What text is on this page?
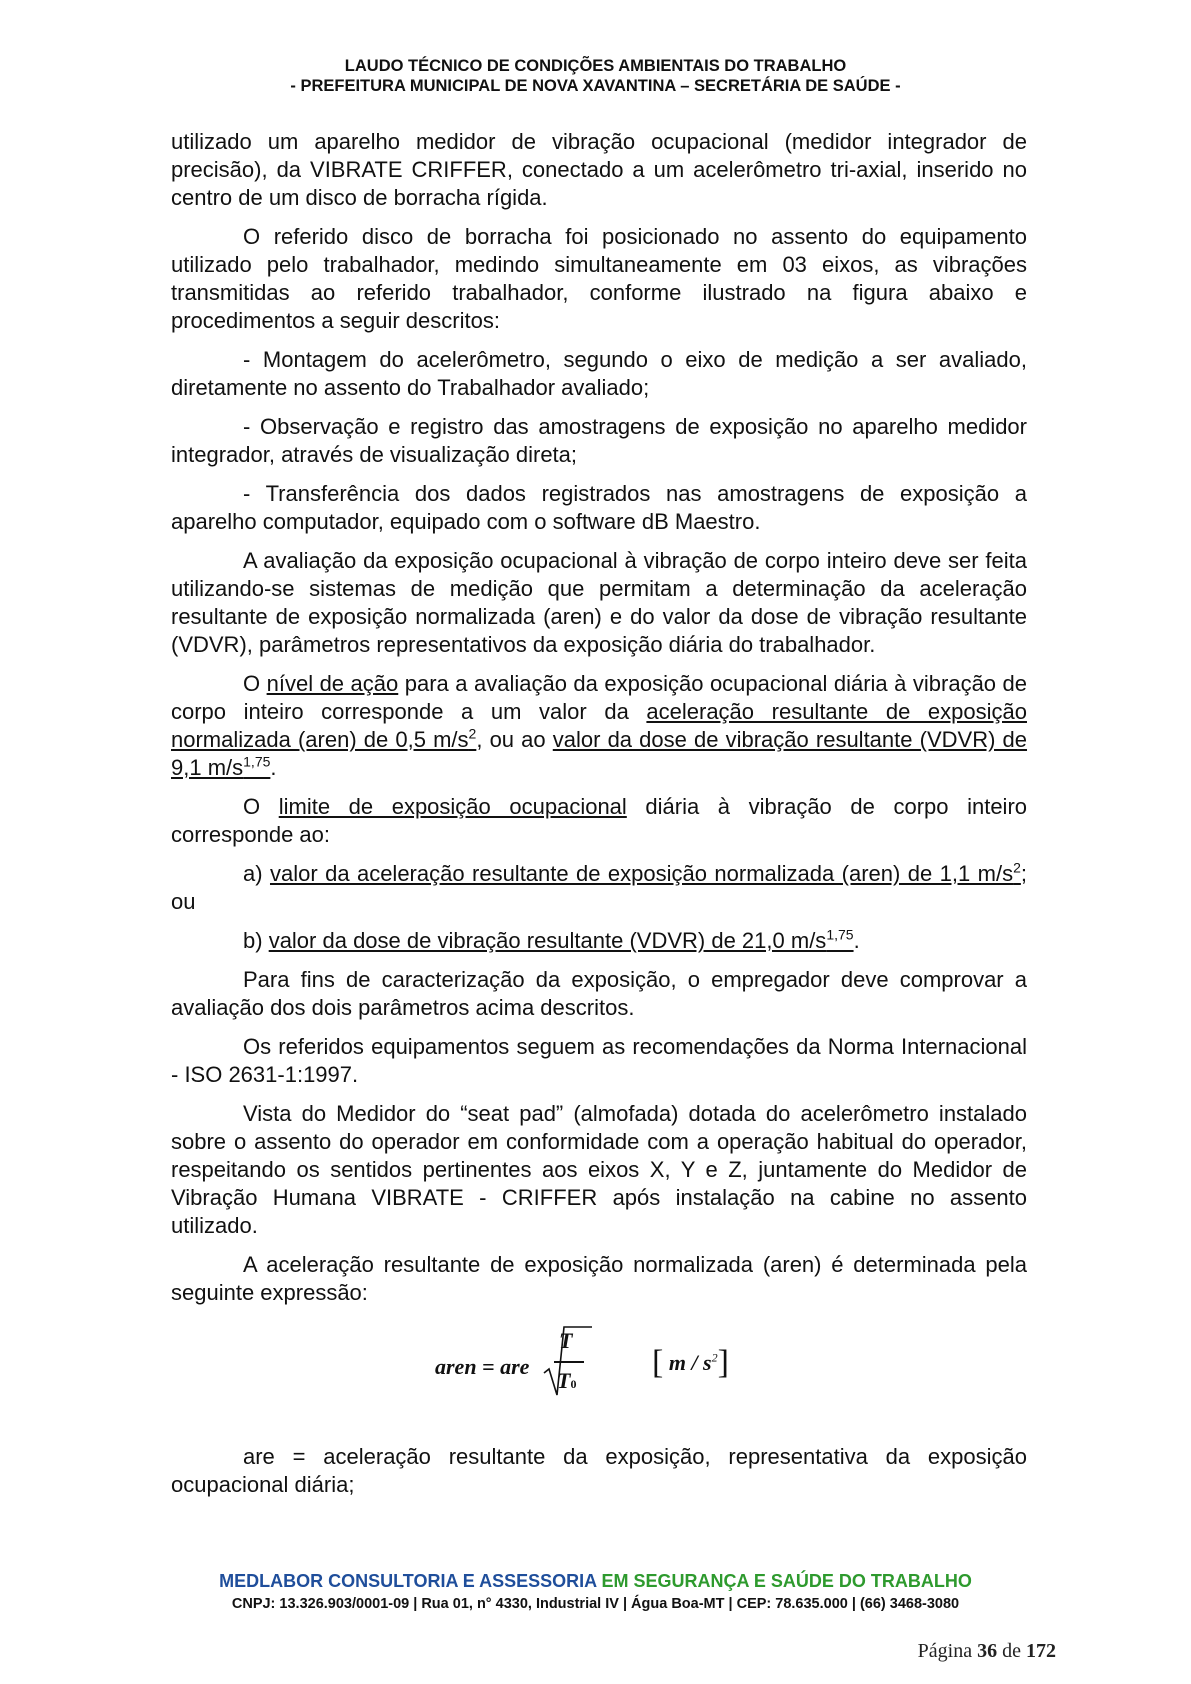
LAUDO TÉCNICO DE CONDIÇÕES AMBIENTAIS DO TRABALHO
- PREFEITURA MUNICIPAL DE NOVA XAVANTINA – SECRETÁRIA DE SAÚDE -

utilizado um aparelho medidor de vibração ocupacional (medidor integrador de precisão), da VIBRATE CRIFFER, conectado a um acelerômetro tri-axial, inserido no centro de um disco de borracha rígida.

O referido disco de borracha foi posicionado no assento do equipamento utilizado pelo trabalhador, medindo simultaneamente em 03 eixos, as vibrações transmitidas ao referido trabalhador, conforme ilustrado na figura abaixo e procedimentos a seguir descritos:

- Montagem do acelerômetro, segundo o eixo de medição a ser avaliado, diretamente no assento do Trabalhador avaliado;

- Observação e registro das amostragens de exposição no aparelho medidor integrador, através de visualização direta;

- Transferência dos dados registrados nas amostragens de exposição a aparelho computador, equipado com o software dB Maestro.

A avaliação da exposição ocupacional à vibração de corpo inteiro deve ser feita utilizando-se sistemas de medição que permitam a determinação da aceleração resultante de exposição normalizada (aren) e do valor da dose de vibração resultante (VDVR), parâmetros representativos da exposição diária do trabalhador.

O nível de ação para a avaliação da exposição ocupacional diária à vibração de corpo inteiro corresponde a um valor da aceleração resultante de exposição normalizada (aren) de 0,5 $m/s^2$, ou ao valor da dose de vibração resultante (VDVR) de 9,1 $m/s^{1,75}$.

O limite de exposição ocupacional diária à vibração de corpo inteiro corresponde ao:

a) valor da aceleração resultante de exposição normalizada (aren) de 1,1 $m/s^2$; ou

b) valor da dose de vibração resultante (VDVR) de 21,0 $m/s^{1,75}$.

Para fins de caracterização da exposição, o empregador deve comprovar a avaliação dos dois parâmetros acima descritos.

Os referidos equipamentos seguem as recomendações da Norma Internacional - ISO 2631-1:1997.

Vista do Medidor do “seat pad” (almofada) dotada do acelerômetro instalado sobre o assento do operador em conformidade com a operação habitual do operador, respeitando os sentidos pertinentes aos eixos X, Y e Z, juntamente do Medidor de Vibração Humana VIBRATE - CRIFFER após instalação na cabine no assento utilizado.

A aceleração resultante de exposição normalizada (aren) é determinada pela seguinte expressão:

aren = are
T
T0
[ m / $s^2$]

are = aceleração resultante da exposição, representativa da exposição ocupacional diária;

MEDLABOR CONSULTORIA E ASSESSORIA EM SEGURANÇA E SAÚDE DO TRABALHO
CNPJ: 13.326.903/0001-09 | Rua 01, n° 4330, Industrial IV | Água Boa-MT | CEP: 78.635.000 | (66) 3468-3080
Página 36 de 172
